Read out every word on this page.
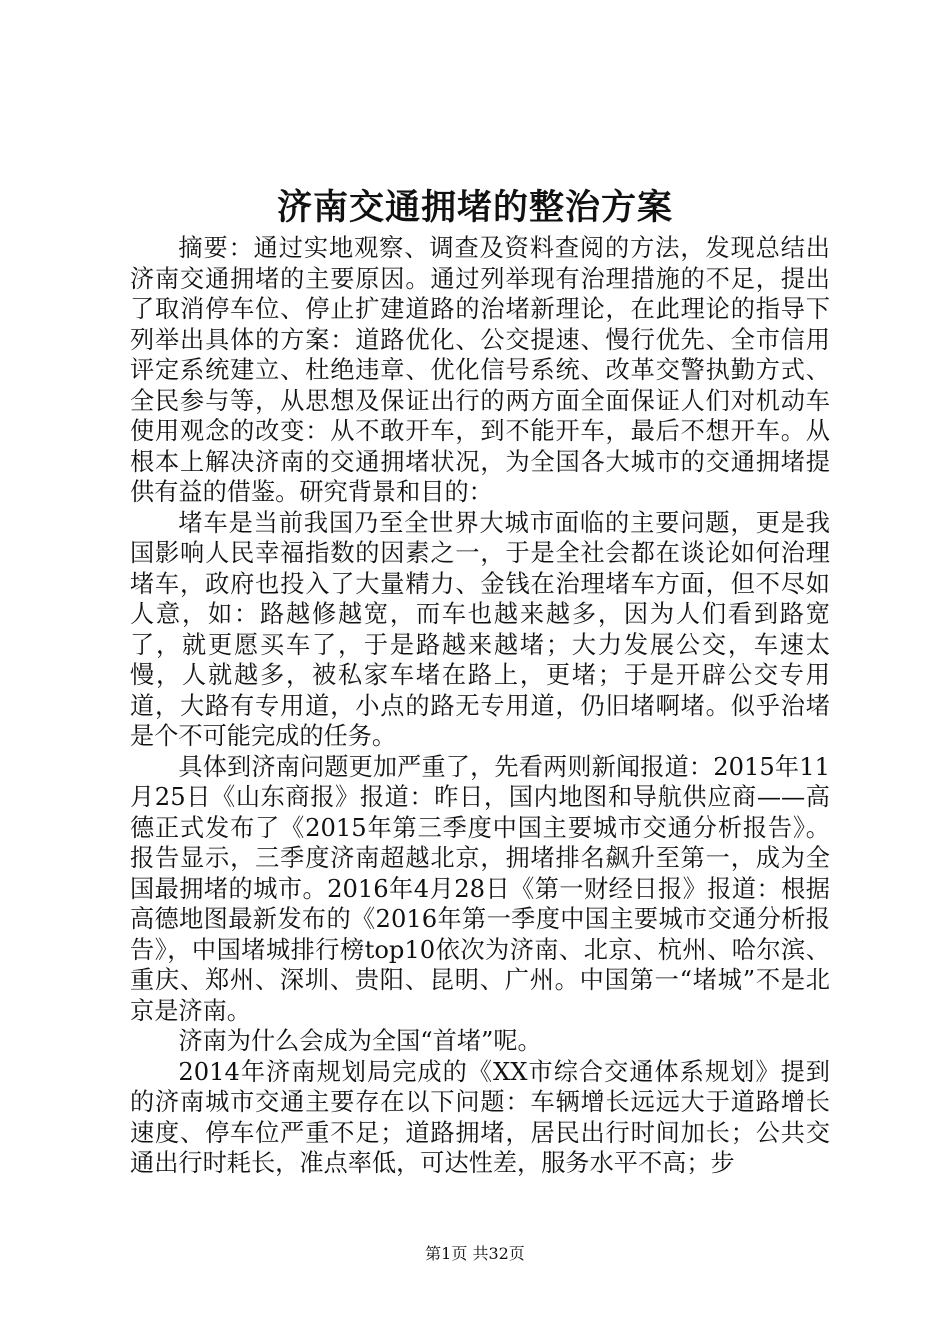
济南交通拥堵的整治方案

摘要：通过实地观察、调查及资料查阅的方法，发现总结出济南交通拥堵的主要原因。通过列举现有治理措施的不足，提出了取消停车位、停止扩建道路的治堵新理论，在此理论的指导下列举出具体的方案：道路优化、公交提速、慢行优先、全市信用评定系统建立、杜绝违章、优化信号系统、改革交警执勤方式、全民参与等，从思想及保证出行的两方面全面保证人们对机动车使用观念的改变：从不敢开车，到不能开车，最后不想开车。从根本上解决济南的交通拥堵状况，为全国各大城市的交通拥堵提供有益的借鉴。研究背景和目的：

堵车是当前我国乃至全世界大城市面临的主要问题，更是我国影响人民幸福指数的因素之一，于是全社会都在谈论如何治理堵车，政府也投入了大量精力、金钱在治理堵车方面，但不尽如人意，如：路越修越宽，而车也越来越多，因为人们看到路宽了，就更愿买车了，于是路越来越堵；大力发展公交，车速太慢，人就越多，被私家车堵在路上，更堵；于是开辟公交专用道，大路有专用道，小点的路无专用道，仍旧堵啊堵。似乎治堵是个不可能完成的任务。

具体到济南问题更加严重了，先看两则新闻报道：2015年11月25日《山东商报》报道：昨日，国内地图和导航供应商——高德正式发布了《2015年第三季度中国主要城市交通分析报告》。报告显示，三季度济南超越北京，拥堵排名飙升至第一，成为全国最拥堵的城市。2016年4月28日《第一财经日报》报道：根据高德地图最新发布的《2016年第一季度中国主要城市交通分析报告》，中国堵城排行榜top10依次为济南、北京、杭州、哈尔滨、重庆、郑州、深圳、贵阳、昆明、广州。中国第一“堵城”不是北京是济南。

济南为什么会成为全国“首堵”呢。

2014年济南规划局完成的《XX市综合交通体系规划》提到的济南城市交通主要存在以下问题：车辆增长远远大于道路增长速度、停车位严重不足；道路拥堵，居民出行时间加长；公共交通出行时耗长，准点率低，可达性差，服务水平不高；步

第1页 共32页
